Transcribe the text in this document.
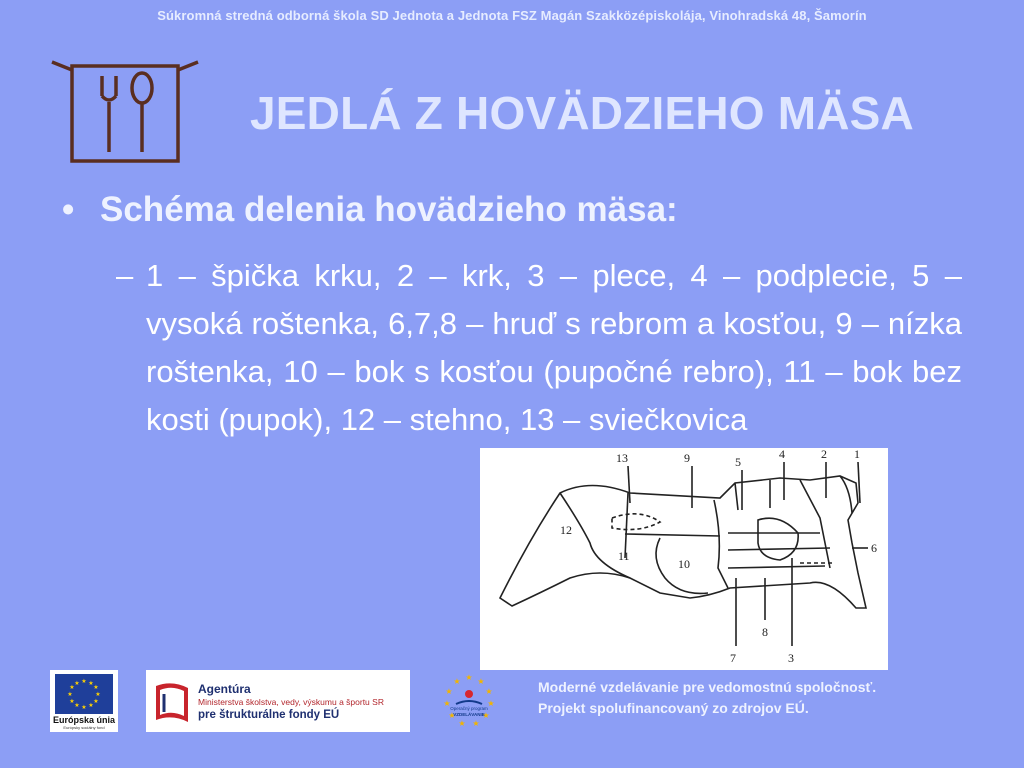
Súkromná stredná odborná škola SD Jednota a Jednota FSZ Magán Szakközépiskolája, Vinohradská 48, Šamorín
JEDLÁ Z HOVÄDZIEHO MÄSA
• Schéma delenia hovädzieho mäsa:
– 1 – špička krku, 2 – krk, 3 – plece, 4 – podplecie, 5 – vysoká roštenka, 6,7,8 – hruď s rebrom a kosťou, 9 – nízka roštenka, 10 – bok s kosťou (pupočné rebro), 11 – bok bez kosti (pupok), 12 – stehno, 13 – sviečkovica
13	9	5
4	2 1
12
11
10
6
8
7	3
★ ★
★
★
★
★
★
★
★
★
★
★
Európska únia
Európsky sociálny fond
Agentúra
Ministerstva školstva, vedy, výskumu a športu SR
pre štrukturálne fondy EÚ
★ ★
★
★
★
★
★
★
★
★
★
Operačný program
VZDELÁVANIE
Moderné vzdelávanie pre vedomostnú spoločnosť.
Projekt spolufinancovaný zo zdrojov EÚ.
